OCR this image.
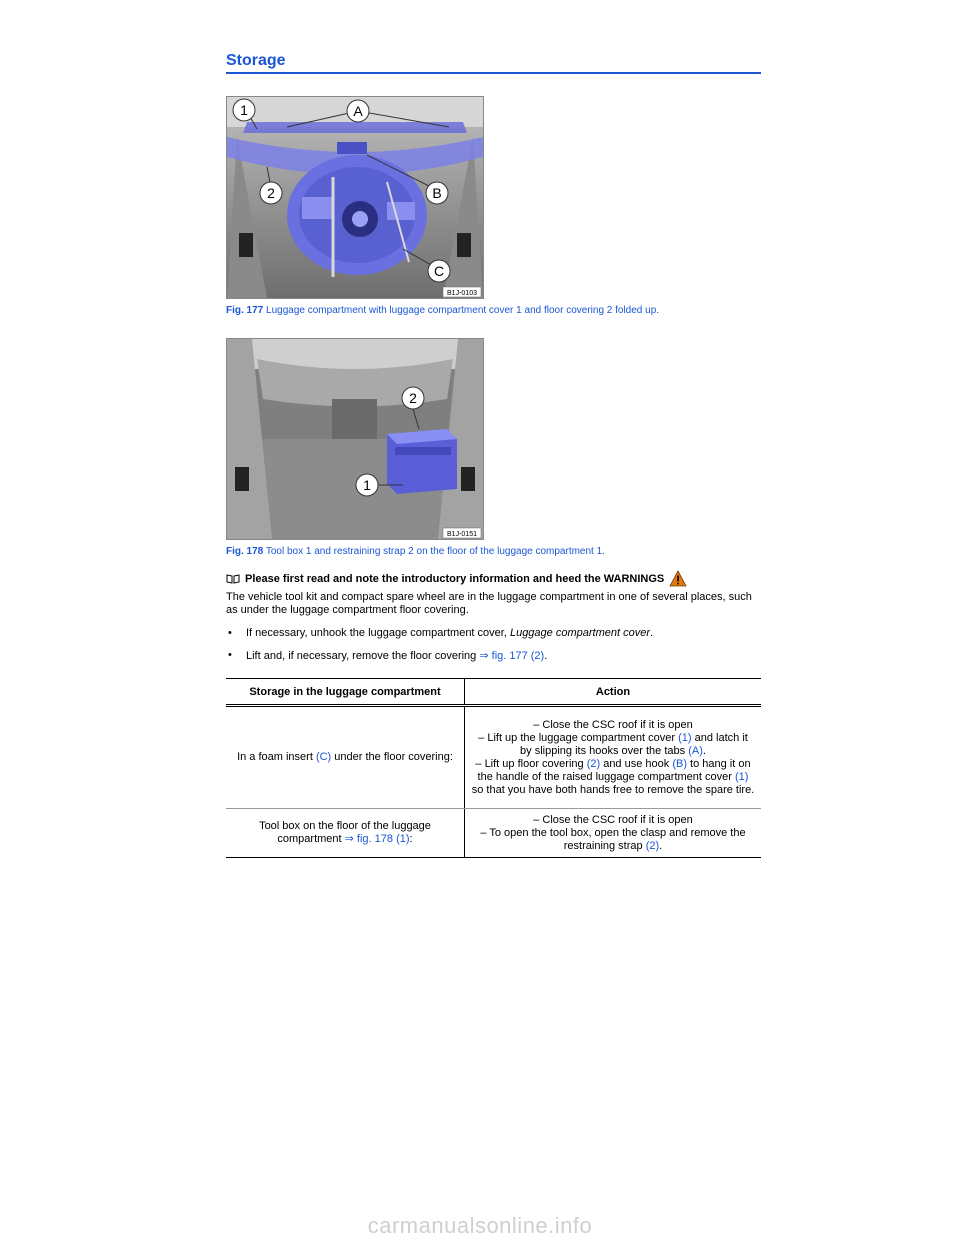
Storage
1	A
2	B
C
B1J-0103
Fig. 177 Luggage compartment with luggage compartment cover 1 and floor covering 2 folded up.
2
1
B1J-0151
Fig. 178 Tool box 1 and restraining strap 2 on the floor of the luggage compartment 1.
Please first read and note the introductory information and heed the WARNINGS
The vehicle tool kit and compact spare wheel are in the luggage compartment in one of several places, such as under the luggage compartment floor covering.
•	If necessary, unhook the luggage compartment cover, Luggage compartment cover.
•	Lift and, if necessary, remove the floor covering ⇒ fig. 177 (2).
Storage in the luggage compartment	Action
In a foam insert (C) under the floor covering:	– Close the CSC roof if it is open
– Lift up the luggage compartment cover (1) and latch it by slipping its hooks over the tabs (A).
– Lift up floor covering (2) and use hook (B) to hang it on the handle of the raised luggage compartment cover (1) so that you have both hands free to remove the spare tire.

Tool box on the floor of the luggage compartment ⇒ fig. 178 (1):	– Close the CSC roof if it is open
– To open the tool box, open the clasp and remove the restraining strap (2).
carmanualsonline.info
